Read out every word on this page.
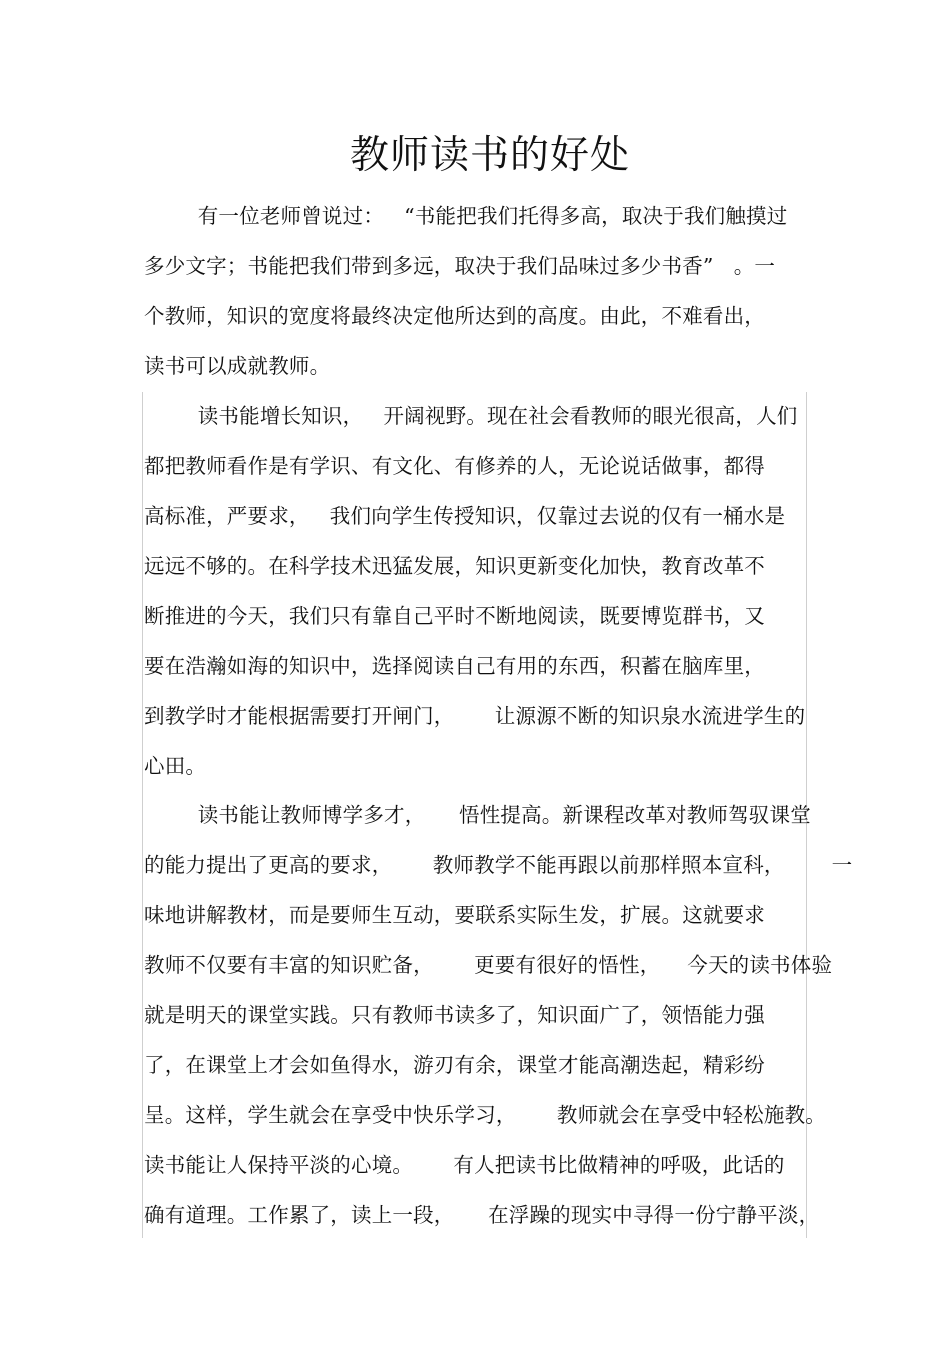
教师读书的好处
有一位老师曾说过：   “书能把我们托得多高，取决于我们触摸过
多少文字；书能把我们带到多远，取决于我们品味过多少书香”   。一
个教师，知识的宽度将最终决定他所达到的高度。由此，不难看出，
读书可以成就教师。
读书能增长知识，   开阔视野。现在社会看教师的眼光很高，人们
都把教师看作是有学识、有文化、有修养的人，无论说话做事，都得
高标准，严要求，   我们向学生传授知识，仅靠过去说的仅有一桶水是
远远不够的。在科学技术迅猛发展，知识更新变化加快，教育改革不
断推进的今天，我们只有靠自己平时不断地阅读，既要博览群书，又
要在浩瀚如海的知识中，选择阅读自己有用的东西，积蓄在脑库里，
到教学时才能根据需要打开闸门，      让源源不断的知识泉水流进学生的
心田。
读书能让教师博学多才，     悟性提高。新课程改革对教师驾驭课堂
的能力提出了更高的要求，      教师教学不能再跟以前那样照本宣科，       一
味地讲解教材，而是要师生互动，要联系实际生发，扩展。这就要求
教师不仅要有丰富的知识贮备，      更要有很好的悟性，    今天的读书体验
就是明天的课堂实践。只有教师书读多了，知识面广了，领悟能力强
了，在课堂上才会如鱼得水，游刃有余，课堂才能高潮迭起，精彩纷
呈。这样，学生就会在享受中快乐学习，      教师就会在享受中轻松施教。
读书能让人保持平淡的心境。      有人把读书比做精神的呼吸，此话的
确有道理。工作累了，读上一段，     在浮躁的现实中寻得一份宁静平淡，
